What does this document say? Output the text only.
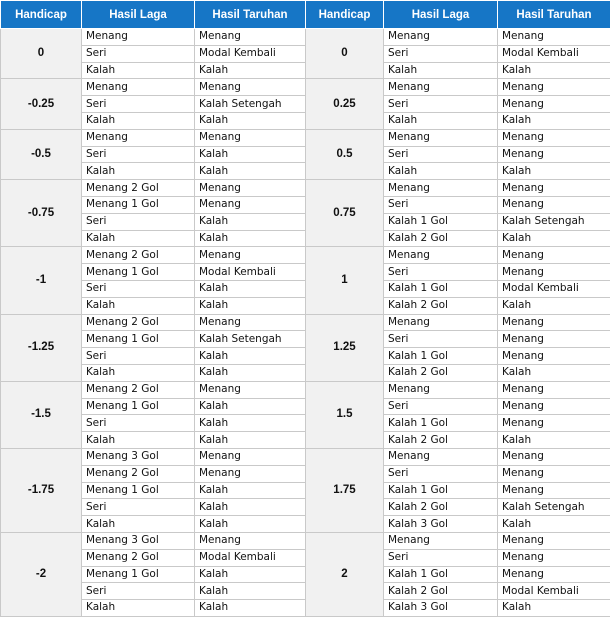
Handicap	Hasil Laga	Hasil Taruhan	Handicap	Hasil Laga	Hasil Taruhan
0	Menang	Menang	0	Menang	Menang
	Seri	Modal Kembali		Seri	Modal Kembali
	Kalah	Kalah		Kalah	Kalah
-0.25	Menang	Menang	0.25	Menang	Menang
	Seri	Kalah Setengah		Seri	Menang
	Kalah	Kalah		Kalah	Kalah
-0.5	Menang	Menang	0.5	Menang	Menang
	Seri	Kalah		Seri	Menang
	Kalah	Kalah		Kalah	Kalah
-0.75	Menang 2 Gol	Menang	0.75	Menang	Menang
	Menang 1 Gol	Menang		Seri	Menang
	Seri	Kalah		Kalah 1 Gol	Kalah Setengah
	Kalah	Kalah		Kalah 2 Gol	Kalah
-1	Menang 2 Gol	Menang	1	Menang	Menang
	Menang 1 Gol	Modal Kembali		Seri	Menang
	Seri	Kalah		Kalah 1 Gol	Modal Kembali
	Kalah	Kalah		Kalah 2 Gol	Kalah
-1.25	Menang 2 Gol	Menang	1.25	Menang	Menang
	Menang 1 Gol	Kalah Setengah		Seri	Menang
	Seri	Kalah		Kalah 1 Gol	Menang
	Kalah	Kalah		Kalah 2 Gol	Kalah
-1.5	Menang 2 Gol	Menang	1.5	Menang	Menang
	Menang 1 Gol	Kalah		Seri	Menang
	Seri	Kalah		Kalah 1 Gol	Menang
	Kalah	Kalah		Kalah 2 Gol	Kalah
-1.75	Menang 3 Gol	Menang	1.75	Menang	Menang
	Menang 2 Gol	Menang		Seri	Menang
	Menang 1 Gol	Kalah		Kalah 1 Gol	Menang
	Seri	Kalah		Kalah 2 Gol	Kalah Setengah
	Kalah	Kalah		Kalah 3 Gol	Kalah
-2	Menang 3 Gol	Menang	2	Menang	Menang
	Menang 2 Gol	Modal Kembali		Seri	Menang
	Menang 1 Gol	Kalah		Kalah 1 Gol	Menang
	Seri	Kalah		Kalah 2 Gol	Modal Kembali
	Kalah	Kalah		Kalah 3 Gol	Kalah
